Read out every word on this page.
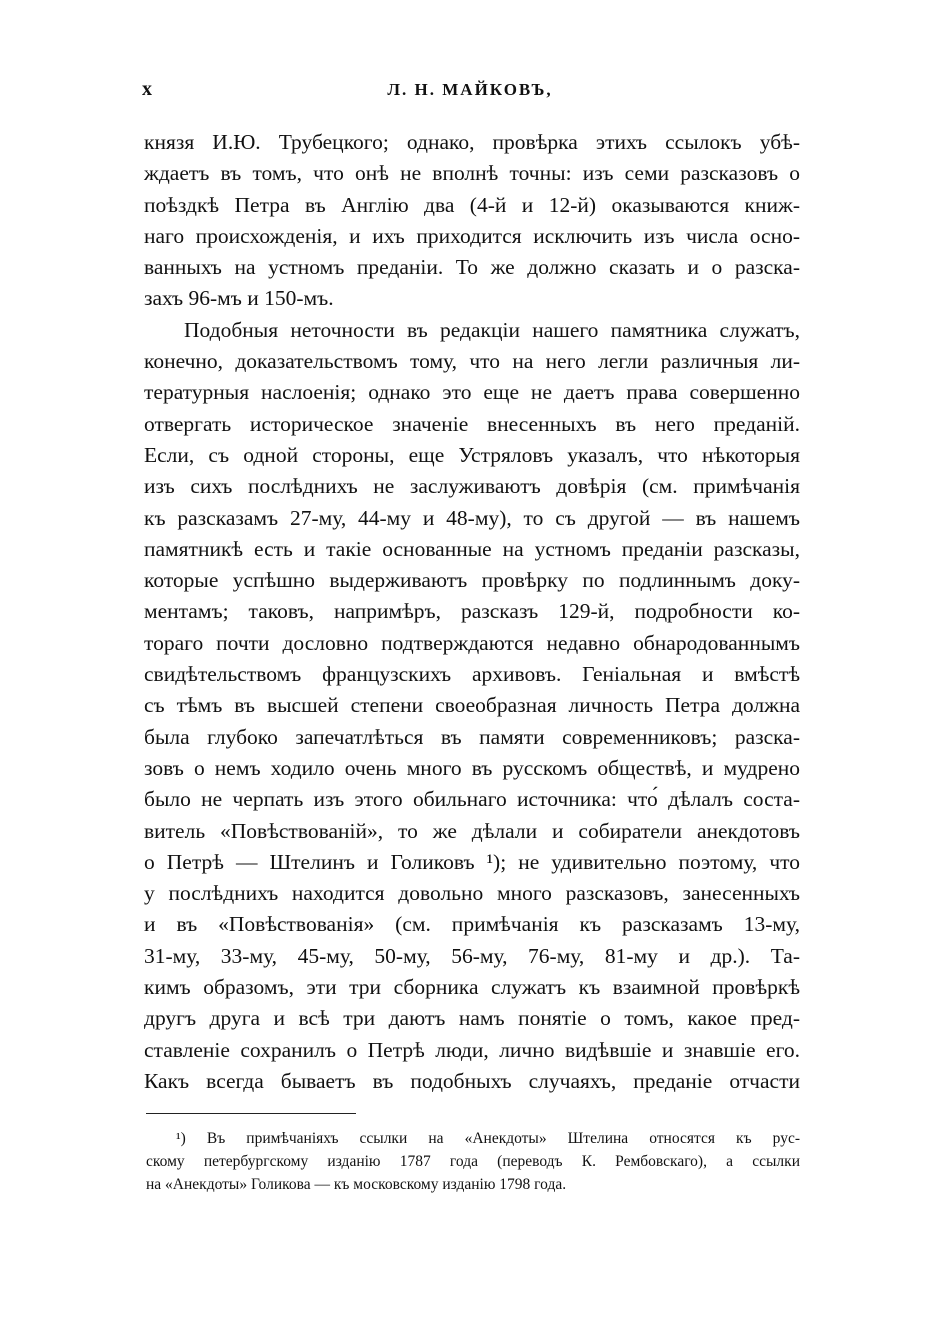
x	Л. Н. МАЙКОВЪ,
князя И.Ю. Трубецкого; однако, провѣрка этихъ ссылокъ убѣ-
ждаетъ въ томъ, что онѣ не вполнѣ точны: изъ семи разсказовъ о
поѣздкѣ Петра въ Англію два (4-й и 12-й) оказываются книж-
наго происхожденія, и ихъ приходится исключить изъ числа осно-
ванныхъ на устномъ преданіи. То же должно сказать и о разска-
захъ 96-мъ и 150-мъ.
Подобныя неточности въ редакціи нашего памятника служатъ,
конечно, доказательствомъ тому, что на него легли различныя ли-
тературныя наслоенія; однако это еще не даетъ права совершенно
отвергать историческое значеніе внесенныхъ въ него преданій.
Если, съ одной стороны, еще Устряловъ указалъ, что нѣкоторыя
изъ сихъ послѣднихъ не заслуживаютъ довѣрія (см. примѣчанія
къ разсказамъ 27-му, 44-му и 48-му), то съ другой — въ нашемъ
памятникѣ есть и такіе основанные на устномъ преданіи разсказы,
которые успѣшно выдерживаютъ провѣрку по подлиннымъ доку-
ментамъ; таковъ, напримѣръ, разсказъ 129-й, подробности ко-
тораго почти дословно подтверждаются недавно обнародованнымъ
свидѣтельствомъ французскихъ архивовъ. Геніальная и вмѣстѣ
съ тѣмъ въ высшей степени своеобразная личность Петра должна
была глубоко запечатлѣться въ памяти современниковъ; разска-
зовъ о немъ ходило очень много въ русскомъ обществѣ, и мудрено
было не черпать изъ этого обильнаго источника: что́ дѣлалъ соста-
витель «Повѣствованій», то же дѣлали и собиратели анекдотовъ
о Петрѣ — Штелинъ и Голиковъ ¹); не удивительно поэтому, что
у послѣднихъ находится довольно много разсказовъ, занесенныхъ
и въ «Повѣствованія» (см. примѣчанія къ разсказамъ 13-му,
31-му, 33-му, 45-му, 50-му, 56-му, 76-му, 81-му и др.). Та-
кимъ образомъ, эти три сборника служатъ къ взаимной провѣркѣ
другъ друга и всѣ три даютъ намъ понятіе о томъ, какое пред-
ставленіе сохранилъ о Петрѣ люди, лично видѣвшіе и знавшіе его.
Какъ всегда бываетъ въ подобныхъ случаяхъ, преданіе отчасти
¹) Въ примѣчаніяхъ ссылки на «Анекдоты» Штелина относятся къ рус-
скому петербургскому изданію 1787 года (переводъ К. Рембовскаго), а ссылки
на «Анекдоты» Голикова — къ московскому изданію 1798 года.
